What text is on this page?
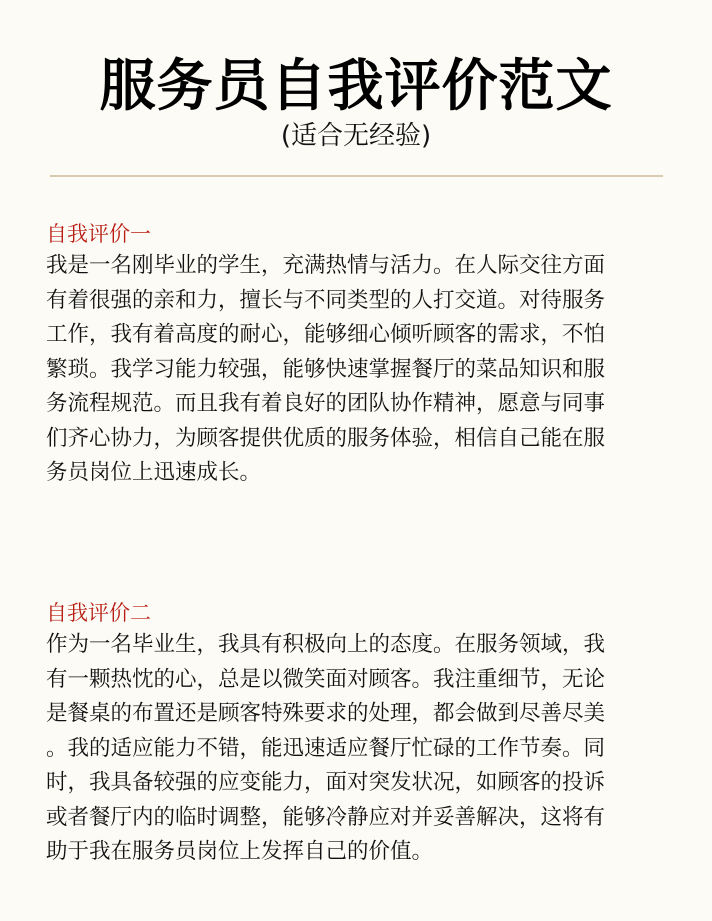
服务员自我评价范文
(适合无经验)
自我评价一
我是一名刚毕业的学生，充满热情与活力。在人际交往方面
有着很强的亲和力，擅长与不同类型的人打交道。对待服务
工作，我有着高度的耐心，能够细心倾听顾客的需求，不怕
繁琐。我学习能力较强，能够快速掌握餐厅的菜品知识和服
务流程规范。而且我有着良好的团队协作精神，愿意与同事
们齐心协力，为顾客提供优质的服务体验，相信自己能在服
务员岗位上迅速成长。
自我评价二
作为一名毕业生，我具有积极向上的态度。在服务领域，我
有一颗热忱的心，总是以微笑面对顾客。我注重细节，无论
是餐桌的布置还是顾客特殊要求的处理，都会做到尽善尽美
。我的适应能力不错，能迅速适应餐厅忙碌的工作节奏。同
时，我具备较强的应变能力，面对突发状况，如顾客的投诉
或者餐厅内的临时调整，能够冷静应对并妥善解决，这将有
助于我在服务员岗位上发挥自己的价值。
